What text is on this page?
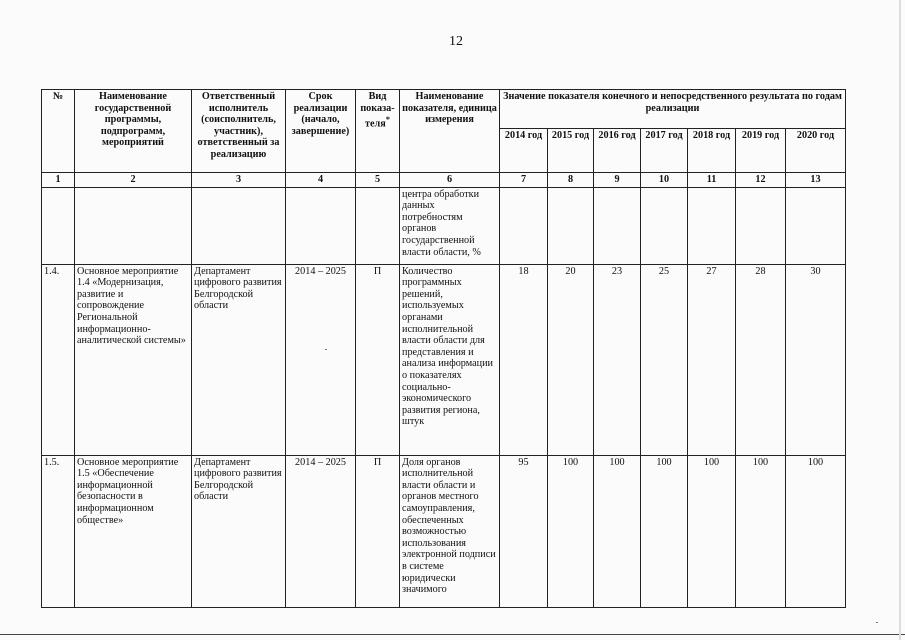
12
№	Наименование государственной программы, подпрограмм, мероприятий	Ответственный исполнитель (соисполнитель, участник), ответственный за реализацию	Срок реализации (начало, завершение)	Вид показа-теля*	Наименование показателя, единица измерения	Значение показателя конечного и непосредственного результата по годам реализации						
						2014 год	2015 год	2016 год	2017 год	2018 год	2019 год	2020 год
1	2	3	4	5	6	7	8	9	10	11	12	13
					центра обработки данных потребностям органов государственной власти области, %							
1.4.	Основное мероприятие 1.4 «Модернизация, развитие и сопровождение Региональной информационно-аналитической системы»	Департамент цифрового развития Белгородской области	2014 – 2025	П	Количество программных решений, используемых органами исполнительной власти области для представления и анализа информации о показателях социально-экономического развития региона, штук	18	20	23	25	27	28	30
1.5.	Основное мероприятие 1.5 «Обеспечение информационной безопасности в информационном обществе»	Департамент цифрового развития Белгородской области	2014 – 2025	П	Доля органов исполнительной власти области и органов местного самоуправления, обеспеченных возможностью использования электронной подписи в системе юридически значимого	95	100	100	100	100	100	100
